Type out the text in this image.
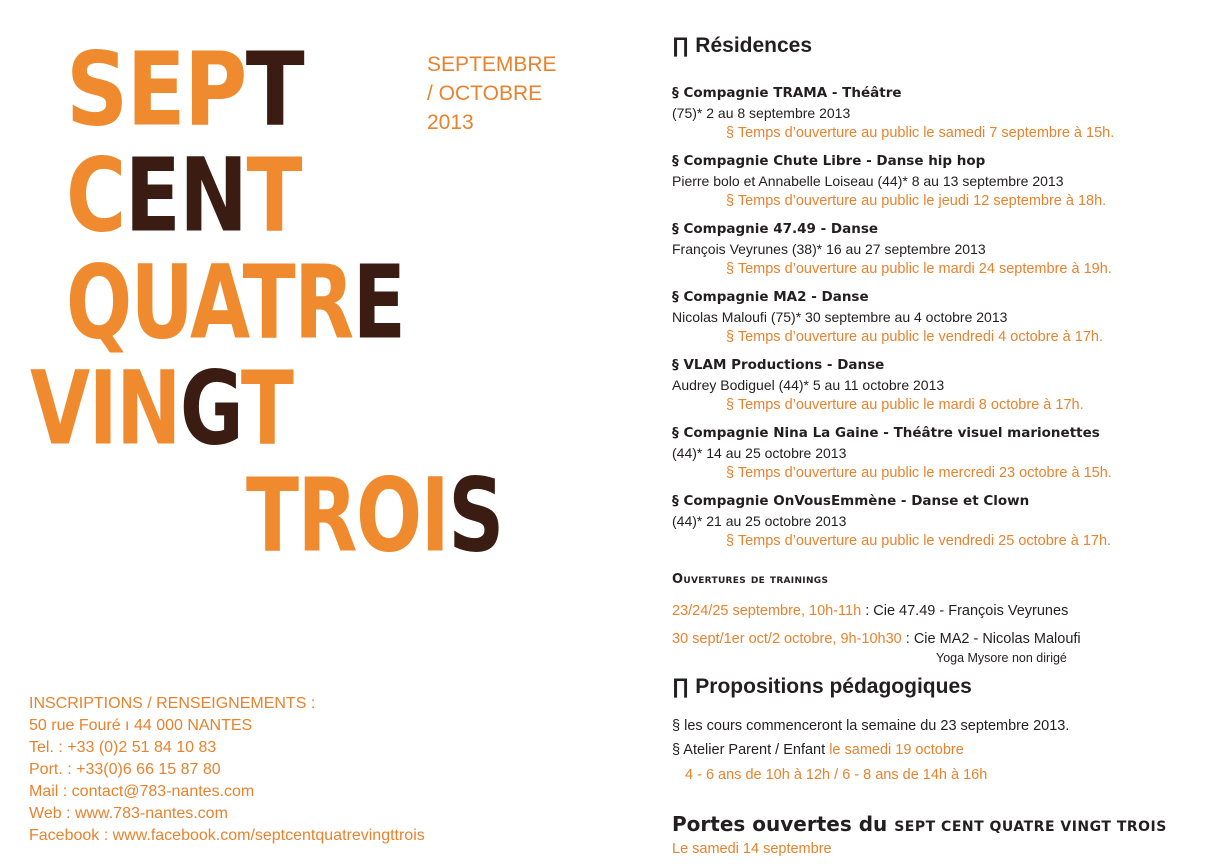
SEPT
CENT
QUATRE
VINGT
TROIS
SEPTEMBRE
/ OCTOBRE
2013
INSCRIPTIONS / RENSEIGNEMENTS :
50 rue Fouré ı 44 000 NANTES
Tel. : +33 (0)2 51 84 10 83
Port. : +33(0)6 66 15 87 80
Mail : contact@783-nantes.com
Web : www.783-nantes.com
Facebook : www.facebook.com/septcentquatrevingttrois
∏ Résidences
§ Compagnie TRAMA - Théâtre
(75)* 2 au 8 septembre 2013
§ Temps d’ouverture au public le samedi 7 septembre à 15h.
§ Compagnie Chute Libre - Danse hip hop
Pierre bolo et Annabelle Loiseau (44)* 8 au 13 septembre 2013
§ Temps d’ouverture au public le jeudi 12 septembre à 18h.
§ Compagnie 47.49 - Danse
François Veyrunes (38)* 16 au 27 septembre 2013
§ Temps d’ouverture au public le mardi 24 septembre à 19h.
§ Compagnie MA2 - Danse
Nicolas Maloufi (75)* 30 septembre au 4 octobre 2013
§ Temps d’ouverture au public le vendredi 4 octobre à 17h.
§ VLAM Productions - Danse
Audrey Bodiguel (44)* 5 au 11 octobre 2013
§ Temps d’ouverture au public le mardi 8 octobre à 17h.
§ Compagnie Nina La Gaine - Théâtre visuel marionettes
(44)* 14 au 25 octobre 2013
§ Temps d’ouverture au public le mercredi 23 octobre à 15h.
§ Compagnie OnVousEmmène - Danse et Clown
(44)* 21 au 25 octobre 2013
§ Temps d’ouverture au public le vendredi 25 octobre à 17h.
Ouvertures de trainings
23/24/25 septembre, 10h-11h : Cie 47.49 - François Veyrunes
30 sept/1er oct/2 octobre, 9h-10h30 : Cie MA2 - Nicolas Maloufi
Yoga Mysore non dirigé
∏ Propositions pédagogiques
§ les cours commenceront la semaine du 23 septembre 2013.
§ Atelier Parent / Enfant le samedi 19 octobre
4 - 6 ans de 10h à 12h / 6 - 8 ans de 14h à 16h
Portes ouvertes du SEPT CENT QUATRE VINGT TROIS
Le samedi 14 septembre
